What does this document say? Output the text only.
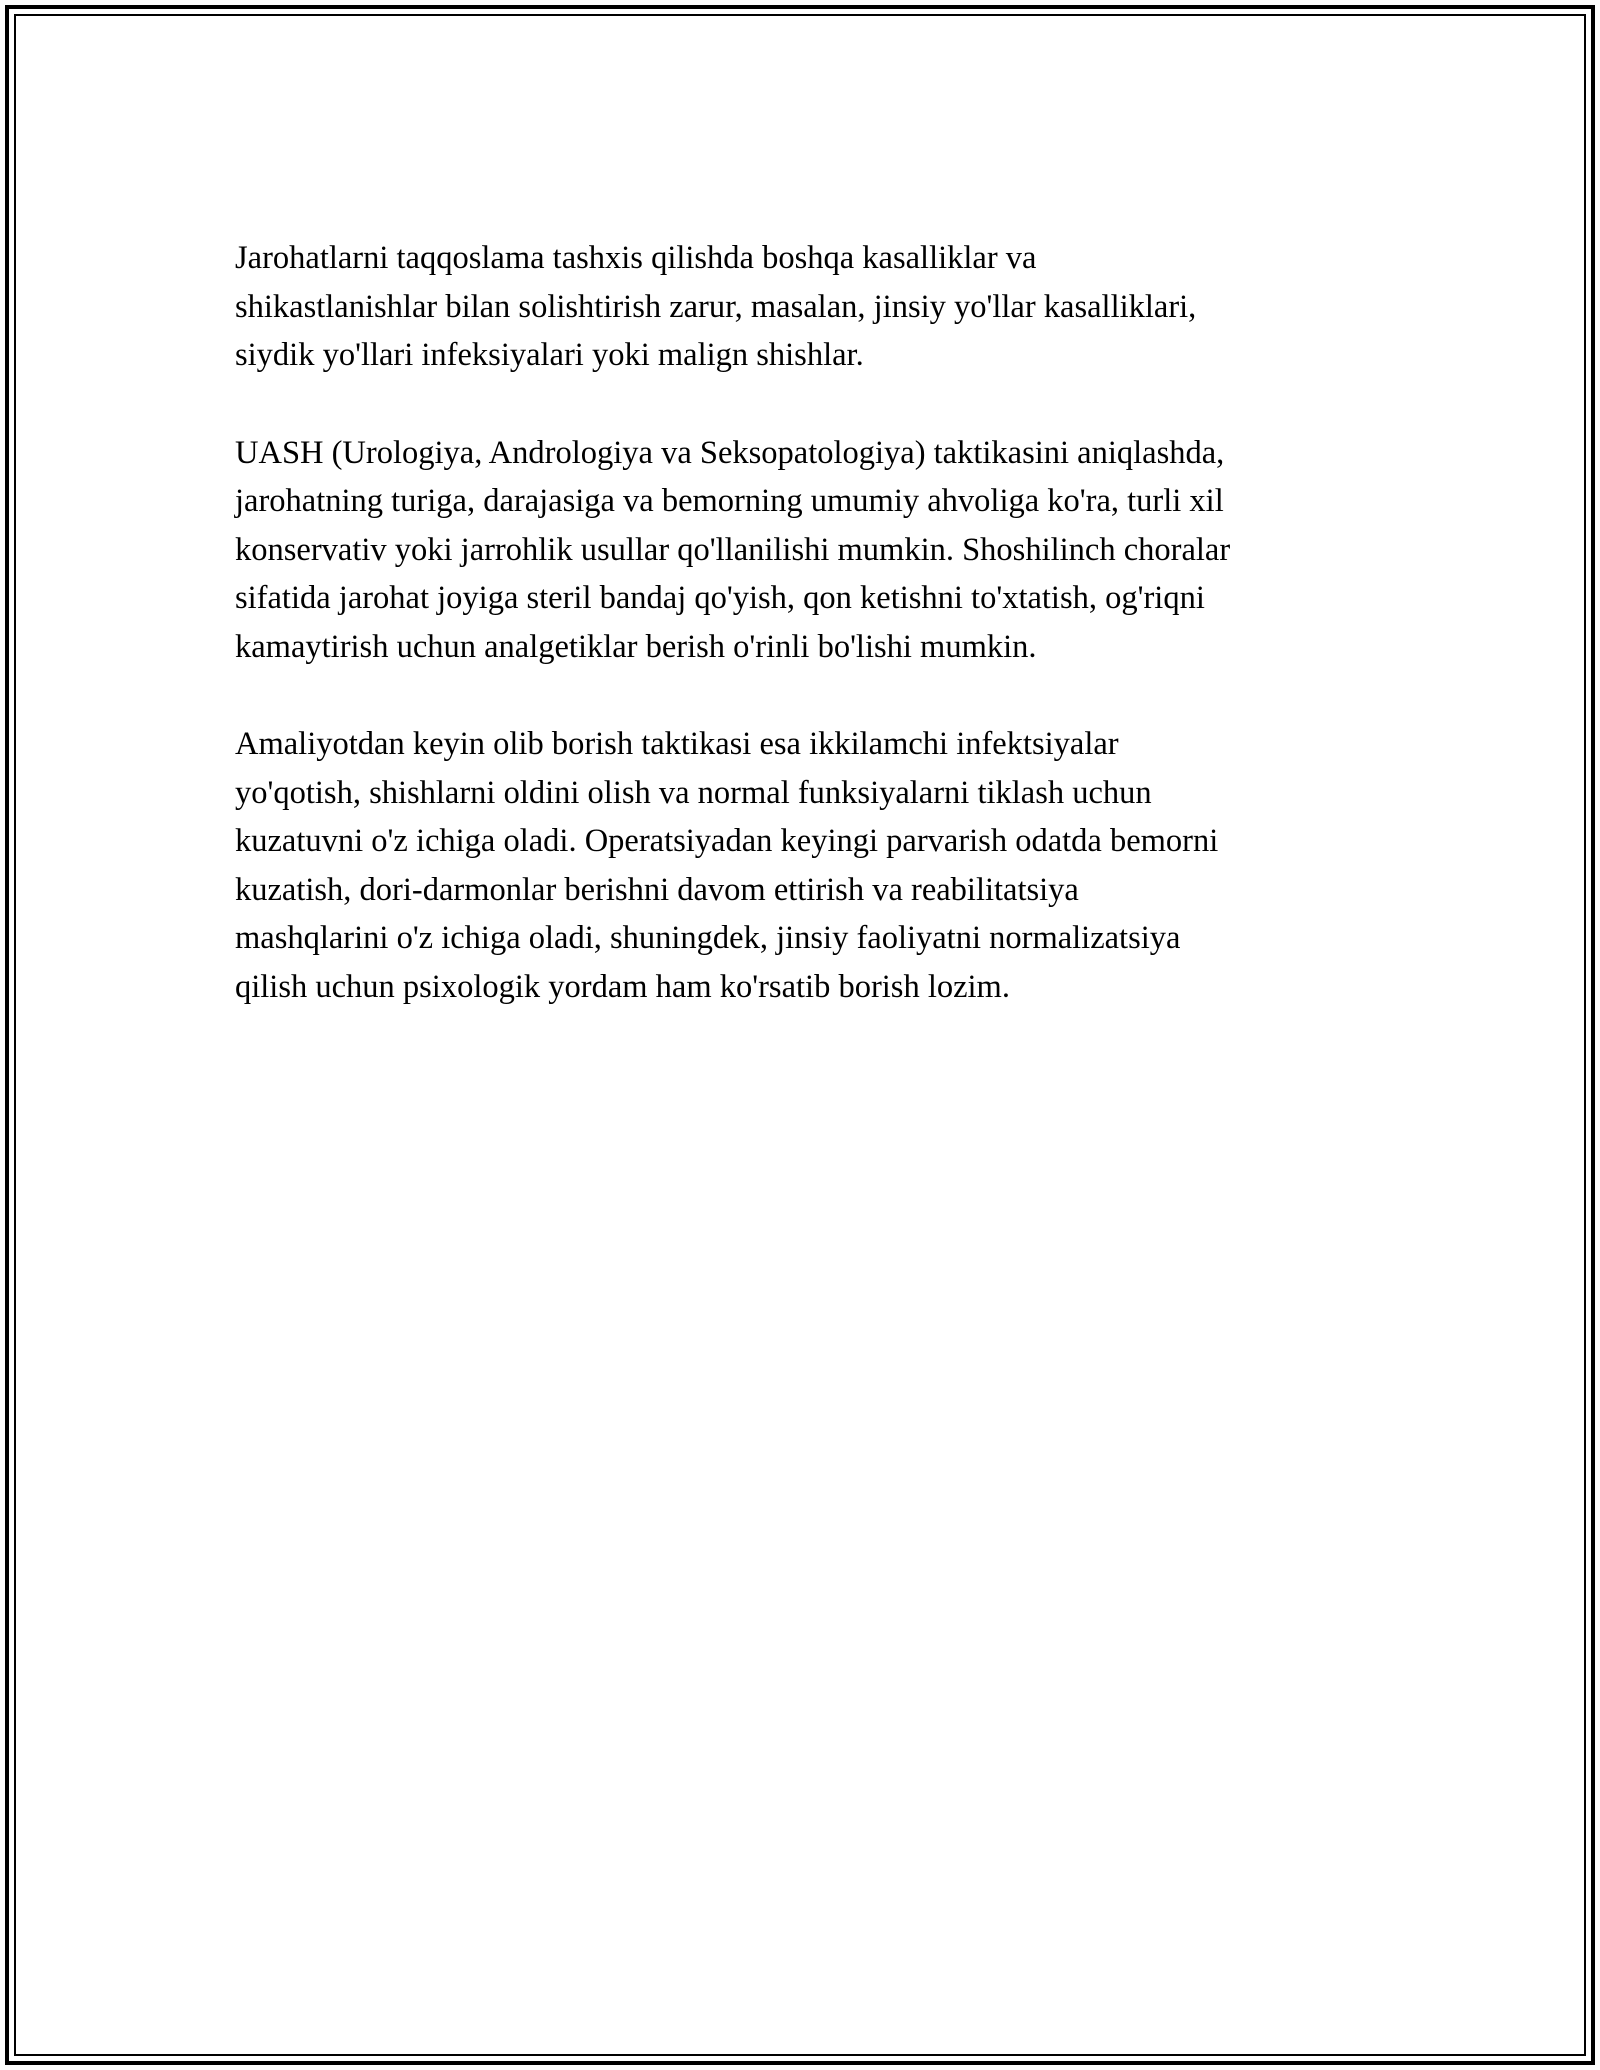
Jarohatlarni taqqoslama tashxis qilishda boshqa kasalliklar va
shikastlanishlar bilan solishtirish zarur, masalan, jinsiy yo'llar kasalliklari,
siydik yo'llari infeksiyalari yoki malign shishlar.

UASH (Urologiya, Andrologiya va Seksopatologiya) taktikasini aniqlashda,
jarohatning turiga, darajasiga va bemorning umumiy ahvoliga ko'ra, turli xil
konservativ yoki jarrohlik usullar qo'llanilishi mumkin. Shoshilinch choralar
sifatida jarohat joyiga steril bandaj qo'yish, qon ketishni to'xtatish, og'riqni
kamaytirish uchun analgetiklar berish o'rinli bo'lishi mumkin.

Amaliyotdan keyin olib borish taktikasi esa ikkilamchi infektsiyalar
yo'qotish, shishlarni oldini olish va normal funksiyalarni tiklash uchun
kuzatuvni o'z ichiga oladi. Operatsiyadan keyingi parvarish odatda bemorni
kuzatish, dori-darmonlar berishni davom ettirish va reabilitatsiya
mashqlarini o'z ichiga oladi, shuningdek, jinsiy faoliyatni normalizatsiya
qilish uchun psixologik yordam ham ko'rsatib borish lozim.
